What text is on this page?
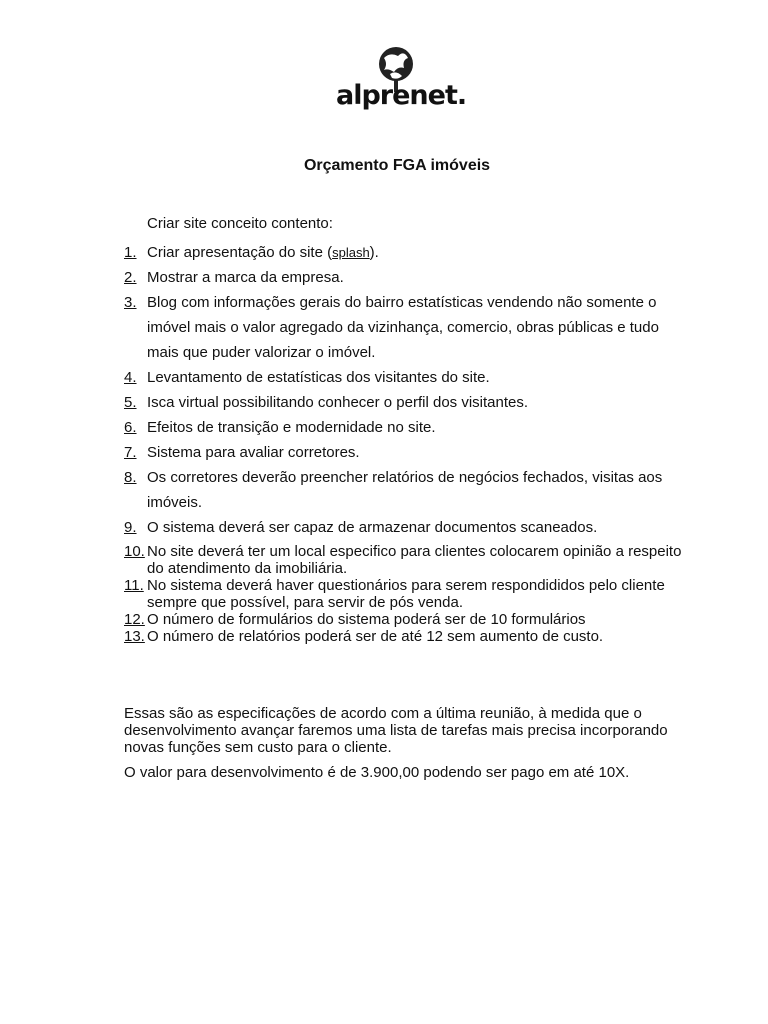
alprenet.
Orçamento FGA imóveis
Criar site conceito contento:
1. Criar apresentação do site (splash).
2. Mostrar a marca da empresa.
3. Blog com informações gerais do bairro estatísticas vendendo não somente o imóvel mais o valor agregado da vizinhança, comercio, obras públicas e tudo mais que puder valorizar o imóvel.
4. Levantamento de estatísticas dos visitantes do site.
5. Isca virtual possibilitando conhecer o perfil dos visitantes.
6. Efeitos de transição e modernidade no site.
7. Sistema para avaliar corretores.
8. Os corretores deverão preencher relatórios de negócios fechados, visitas aos imóveis.
9. O sistema deverá ser capaz de armazenar documentos scaneados.
10. No site deverá ter um local especifico para clientes colocarem opinião a respeito do atendimento da imobiliária.
11. No sistema deverá haver questionários para serem respondididos pelo cliente sempre que possível, para servir de pós venda.
12. O número de formulários do sistema poderá ser de 10 formulários
13. O número de relatórios poderá ser de até 12 sem aumento de custo.
Essas são as especificações de acordo com a última reunião, à medida que o desenvolvimento avançar faremos uma lista de tarefas mais precisa incorporando novas funções sem custo para o cliente.
O valor para desenvolvimento é de 3.900,00 podendo ser pago em até 10X.
